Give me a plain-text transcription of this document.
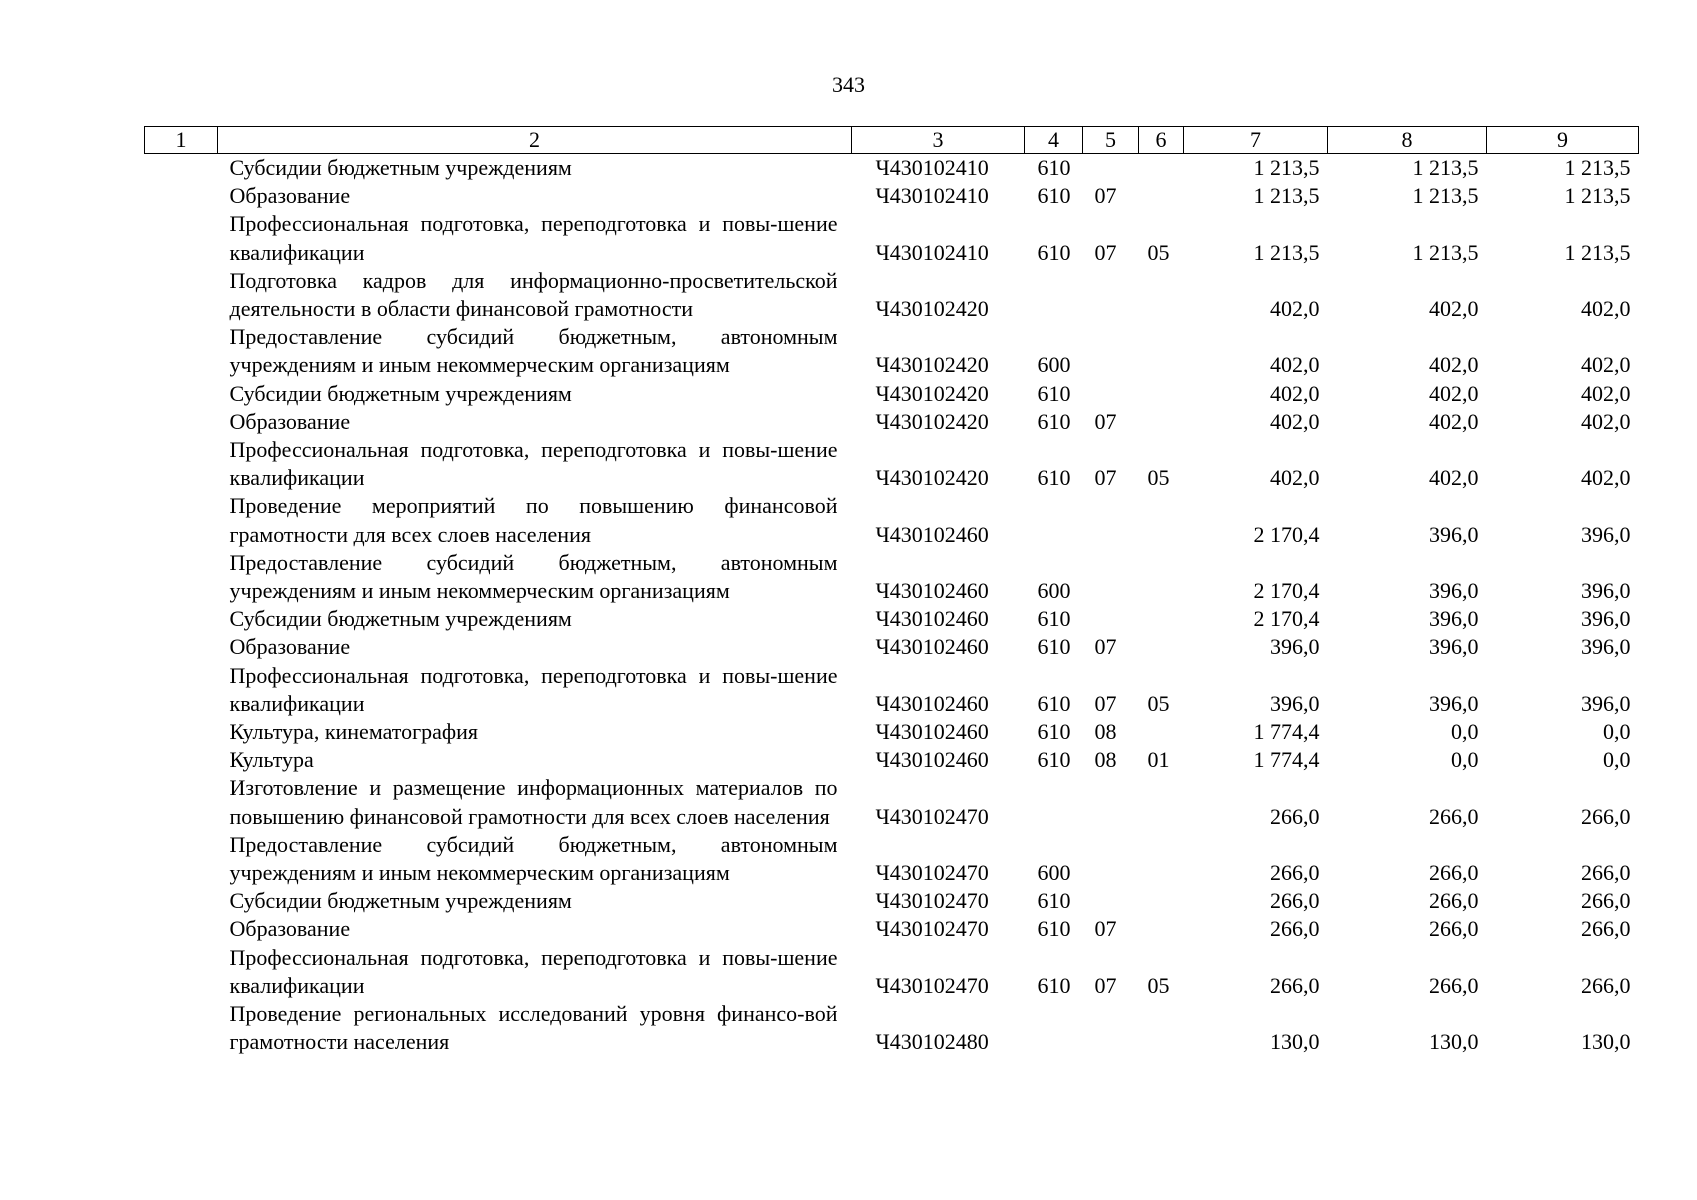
343
1	2	3	4	5	6	7	8	9
	Субсидии бюджетным учреждениям	Ч430102410	610			1 213,5	1 213,5	1 213,5
	Образование	Ч430102410	610	07		1 213,5	1 213,5	1 213,5
	Профессиональная подготовка, переподготовка и повы-шение квалификации	Ч430102410	610	07	05	1 213,5	1 213,5	1 213,5
	Подготовка кадров для информационно-просветительской деятельности в области финансовой грамотности	Ч430102420				402,0	402,0	402,0
	Предоставление субсидий бюджетным, автономным учреждениям и иным некоммерческим организациям	Ч430102420	600			402,0	402,0	402,0
	Субсидии бюджетным учреждениям	Ч430102420	610			402,0	402,0	402,0
	Образование	Ч430102420	610	07		402,0	402,0	402,0
	Профессиональная подготовка, переподготовка и повы-шение квалификации	Ч430102420	610	07	05	402,0	402,0	402,0
	Проведение мероприятий по повышению финансовой грамотности для всех слоев населения	Ч430102460				2 170,4	396,0	396,0
	Предоставление субсидий бюджетным, автономным учреждениям и иным некоммерческим организациям	Ч430102460	600			2 170,4	396,0	396,0
	Субсидии бюджетным учреждениям	Ч430102460	610			2 170,4	396,0	396,0
	Образование	Ч430102460	610	07		396,0	396,0	396,0
	Профессиональная подготовка, переподготовка и повы-шение квалификации	Ч430102460	610	07	05	396,0	396,0	396,0
	Культура, кинематография	Ч430102460	610	08		1 774,4	0,0	0,0
	Культура	Ч430102460	610	08	01	1 774,4	0,0	0,0
	Изготовление и размещение информационных материалов по повышению финансовой грамотности для всех слоев населения	Ч430102470				266,0	266,0	266,0
	Предоставление субсидий бюджетным, автономным учреждениям и иным некоммерческим организациям	Ч430102470	600			266,0	266,0	266,0
	Субсидии бюджетным учреждениям	Ч430102470	610			266,0	266,0	266,0
	Образование	Ч430102470	610	07		266,0	266,0	266,0
	Профессиональная подготовка, переподготовка и повы-шение квалификации	Ч430102470	610	07	05	266,0	266,0	266,0
	Проведение региональных исследований уровня финансо-вой грамотности населения	Ч430102480				130,0	130,0	130,0
